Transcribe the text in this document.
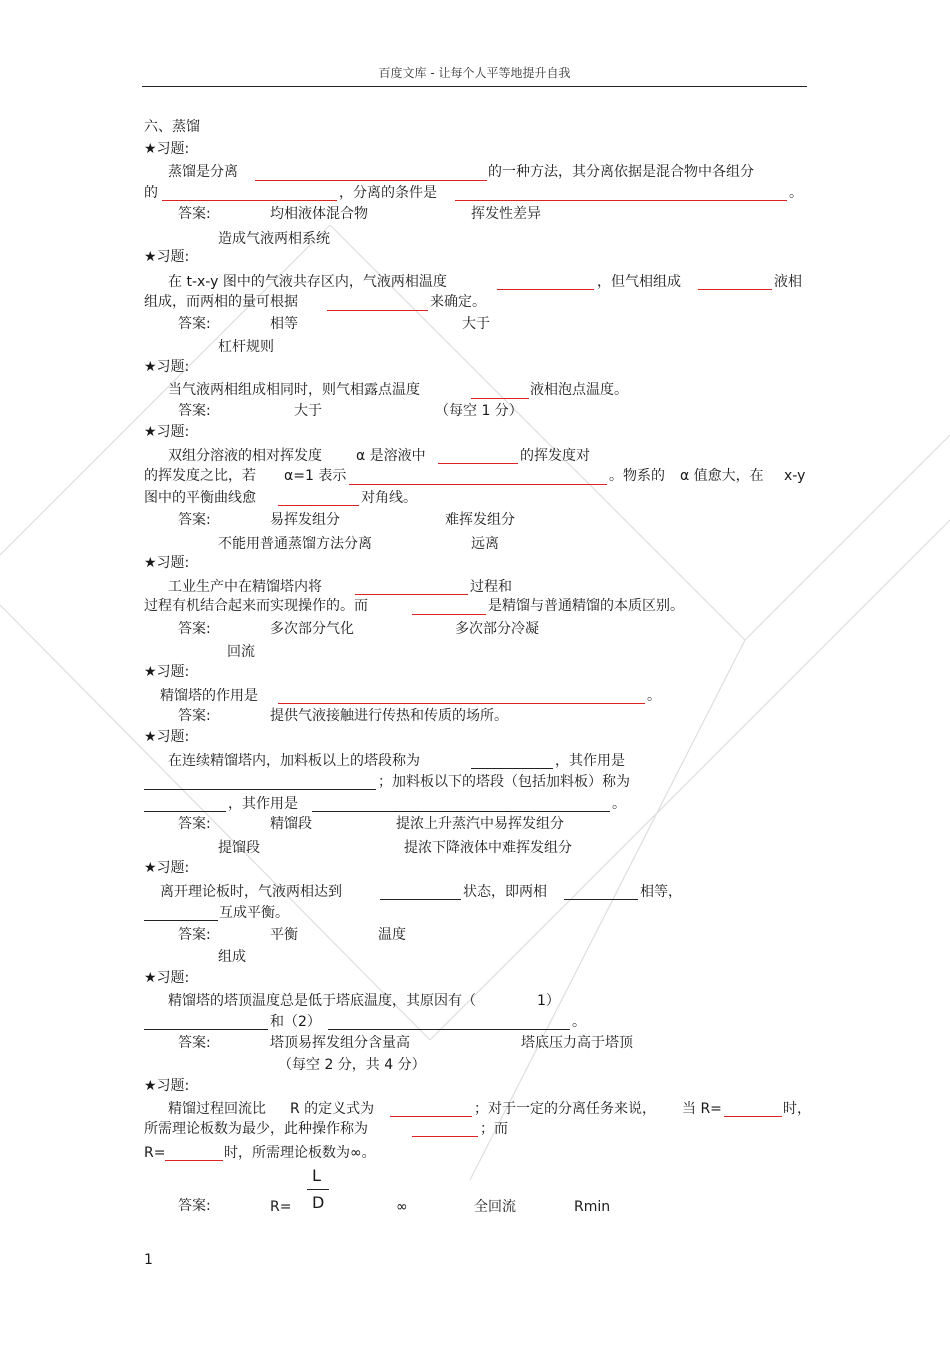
百度文库 - 让每个人平等地提升自我
六、蒸馏
★习题:
蒸馏是分离	的一种方法，其分离依据是混合物中各组分
的	，分离的条件是	。
答案:	均相液体混合物	挥发性差异
造成气液两相系统
★习题:
在 t-x-y 图中的气液共存区内，气液两相温度	，但气相组成	液相
组成，而两相的量可根据	来确定。
答案:	相等	大于
杠杆规则
★习题:
当气液两相组成相同时，则气相露点温度	液相泡点温度。
答案:	大于	（每空 1 分）
★习题:
双组分溶液的相对挥发度 α 是溶液中	的挥发度对
的挥发度之比，若 α=1 表示	。物系的 α 值愈大，在 x-y
图中的平衡曲线愈	对角线。
答案:	易挥发组分	难挥发组分
不能用普通蒸馏方法分离	远离
★习题:
工业生产中在精馏塔内将	过程和
过程有机结合起来而实现操作的。而	是精馏与普通精馏的本质区别。
答案:	多次部分气化	多次部分冷凝
回流
★习题:
精馏塔的作用是	。
答案:	提供气液接触进行传热和传质的场所。
★习题:
在连续精馏塔内，加料板以上的塔段称为	，其作用是
；加料板以下的塔段（包括加料板）称为
，其作用是	。
答案:	精馏段	提浓上升蒸汽中易挥发组分
提馏段	提浓下降液体中难挥发组分
★习题:
离开理论板时，气液两相达到	状态，即两相	相等，
互成平衡。
答案:	平衡	温度
组成
★习题:
精馏塔的塔顶温度总是低于塔底温度，其原因有（	1）
和（2）	。
答案:	塔顶易挥发组分含量高	塔底压力高于塔顶
（每空 2 分，共 4 分）
★习题:
精馏过程回流比 R 的定义式为	；对于一定的分离任务来说， 当 R=	时，
所需理论板数为最少，此种操作称为	；而
R=	时，所需理论板数为∞。
L
D
答案:	R=	∞	全回流	Rmin
1
